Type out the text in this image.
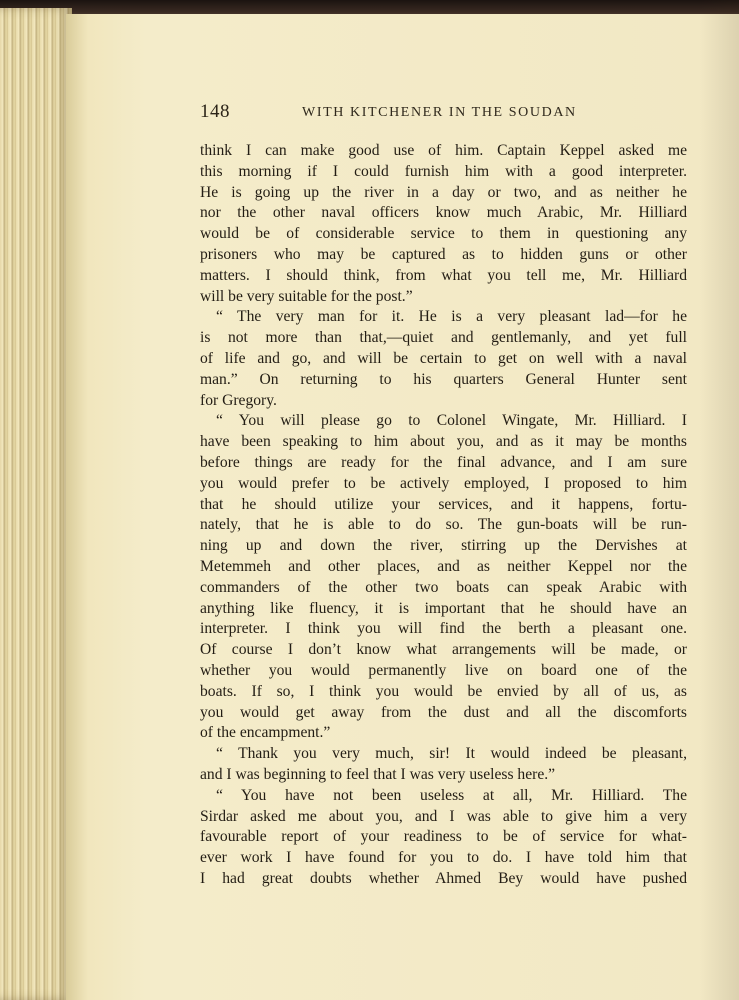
148	WITH KITCHENER IN THE SOUDAN
think I can make good use of him. Captain Keppel asked me
this morning if I could furnish him with a good interpreter.
He is going up the river in a day or two, and as neither he
nor the other naval officers know much Arabic, Mr. Hilliard
would be of considerable service to them in questioning any
prisoners who may be captured as to hidden guns or other
matters. I should think, from what you tell me, Mr. Hilliard
will be very suitable for the post.”
“ The very man for it. He is a very pleasant lad—for he
is not more than that,—quiet and gentlemanly, and yet full
of life and go, and will be certain to get on well with a naval
man.” On returning to his quarters General Hunter sent
for Gregory.
“ You will please go to Colonel Wingate, Mr. Hilliard. I
have been speaking to him about you, and as it may be months
before things are ready for the final advance, and I am sure
you would prefer to be actively employed, I proposed to him
that he should utilize your services, and it happens, fortu-
nately, that he is able to do so. The gun-boats will be run-
ning up and down the river, stirring up the Dervishes at
Metemmeh and other places, and as neither Keppel nor the
commanders of the other two boats can speak Arabic with
anything like fluency, it is important that he should have an
interpreter. I think you will find the berth a pleasant one.
Of course I don’t know what arrangements will be made, or
whether you would permanently live on board one of the
boats. If so, I think you would be envied by all of us, as
you would get away from the dust and all the discomforts
of the encampment.”
“ Thank you very much, sir! It would indeed be pleasant,
and I was beginning to feel that I was very useless here.”
“ You have not been useless at all, Mr. Hilliard. The
Sirdar asked me about you, and I was able to give him a very
favourable report of your readiness to be of service for what-
ever work I have found for you to do. I have told him that
I had great doubts whether Ahmed Bey would have pushed
